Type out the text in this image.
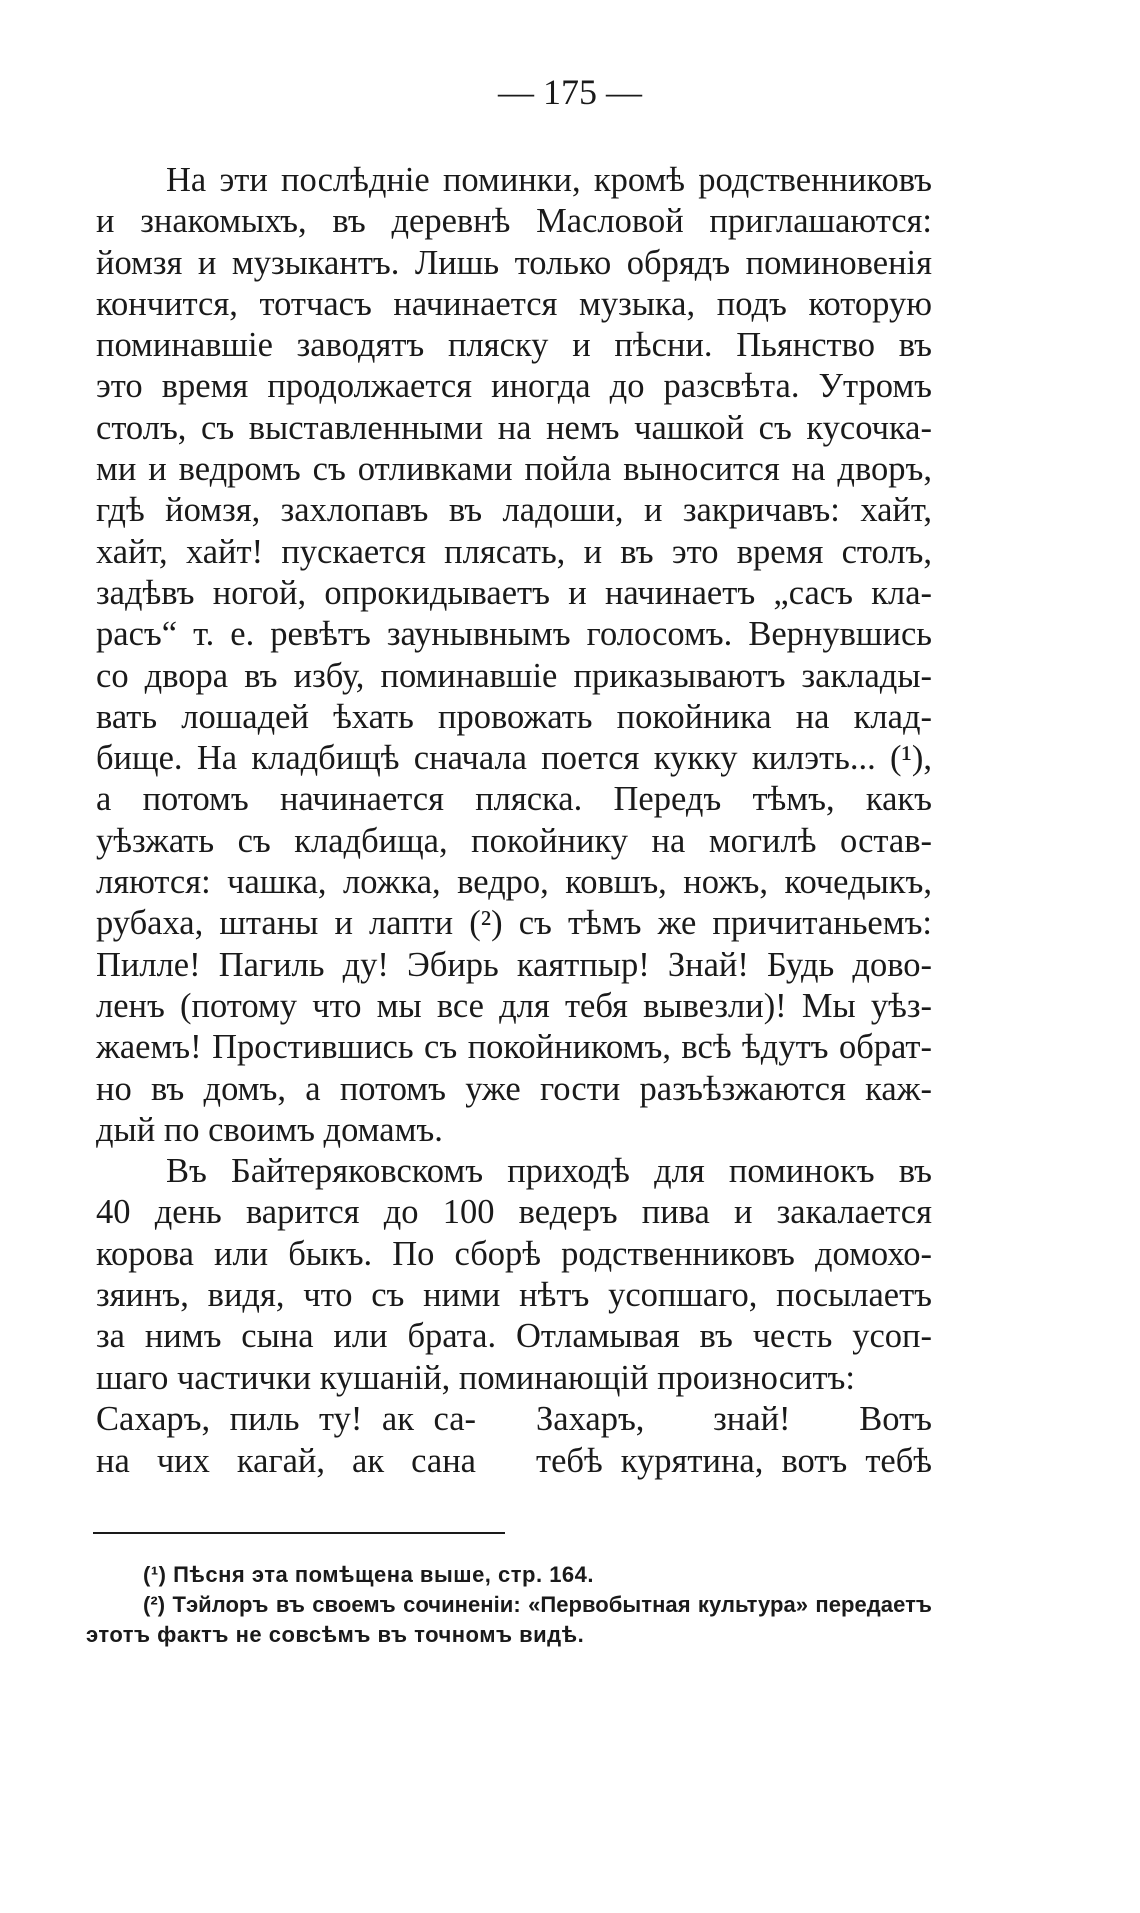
— 175 —
На эти послѣдніе поминки, кромѣ родственниковъ
и знакомыхъ, въ деревнѣ Масловой приглашаются:
йомзя и музыкантъ. Лишь только обрядъ поминовенія
кончится, тотчасъ начинается музыка, подъ которую
поминавшіе заводятъ пляску и пѣсни. Пьянство въ
это время продолжается иногда до разсвѣта. Утромъ
столъ, съ выставленными на немъ чашкой съ кусочка-
ми и ведромъ съ отливками пойла выносится на дворъ,
гдѣ йомзя, захлопавъ въ ладоши, и закричавъ: хайт,
хайт, хайт! пускается плясать, и въ это время столъ,
задѣвъ ногой, опрокидываетъ и начинаетъ „сасъ кла-
расъ“ т. е. ревѣтъ заунывнымъ голосомъ. Вернувшись
со двора въ избу, поминавшіе приказываютъ заклады-
вать лошадей ѣхать провожать покойника на клад-
бище. На кладбищѣ сначала поется кукку килэть... (¹),
а потомъ начинается пляска. Передъ тѣмъ, какъ
уѣзжать съ кладбища, покойнику на могилѣ остав-
ляются: чашка, ложка, ведро, ковшъ, ножъ, кочедыкъ,
рубаха, штаны и лапти (²) съ тѣмъ же причитаньемъ:
Пилле! Пагиль ду! Эбирь каятпыр! Знай! Будь дово-
ленъ (потому что мы все для тебя вывезли)! Мы уѣз-
жаемъ! Простившись съ покойникомъ, всѣ ѣдутъ обрат-
но въ домъ, а потомъ уже гости разъѣзжаются каж-
дый по своимъ домамъ.
Въ Байтеряковскомъ приходѣ для поминокъ въ
40 день варится до 100 ведеръ пива и закалается
корова или быкъ. По сборѣ родственниковъ домохо-
зяинъ, видя, что съ ними нѣтъ усопшаго, посылаетъ
за нимъ сына или брата. Отламывая въ честь усоп-
шаго частички кушаній, поминающій произноситъ:
Сахаръ, пиль ту! ак са-
на чих кагай, ак сана
Захаръ, знай! Вотъ
тебѣ курятина, вотъ тебѣ
(¹) Пѣсня эта помѣщена выше, стр. 164.
(²) Тэйлоръ въ своемъ сочиненіи: «Первобытная культура» передаетъ
этотъ фактъ не совсѣмъ въ точномъ видѣ.
